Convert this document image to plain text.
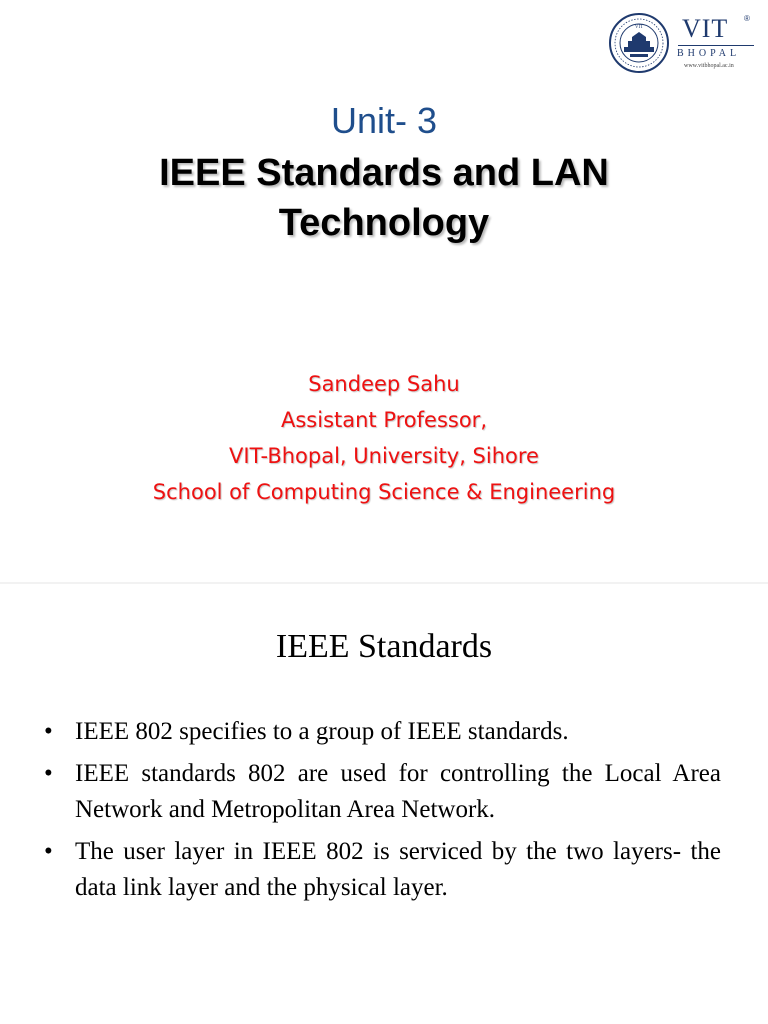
VIT VIT ®
BHOPAL
www.vitbhopal.ac.in
Unit- 3
IEEE Standards and LAN
Technology
Sandeep Sahu
Assistant Professor,
VIT-Bhopal, University, Sihore
School of Computing Science & Engineering
IEEE Standards
• IEEE 802 specifies to a group of IEEE standards.
• IEEE standards 802 are used for controlling the Local Area Network and Metropolitan Area Network.
• The user layer in IEEE 802 is serviced by the two layers- the data link layer and the physical layer.
